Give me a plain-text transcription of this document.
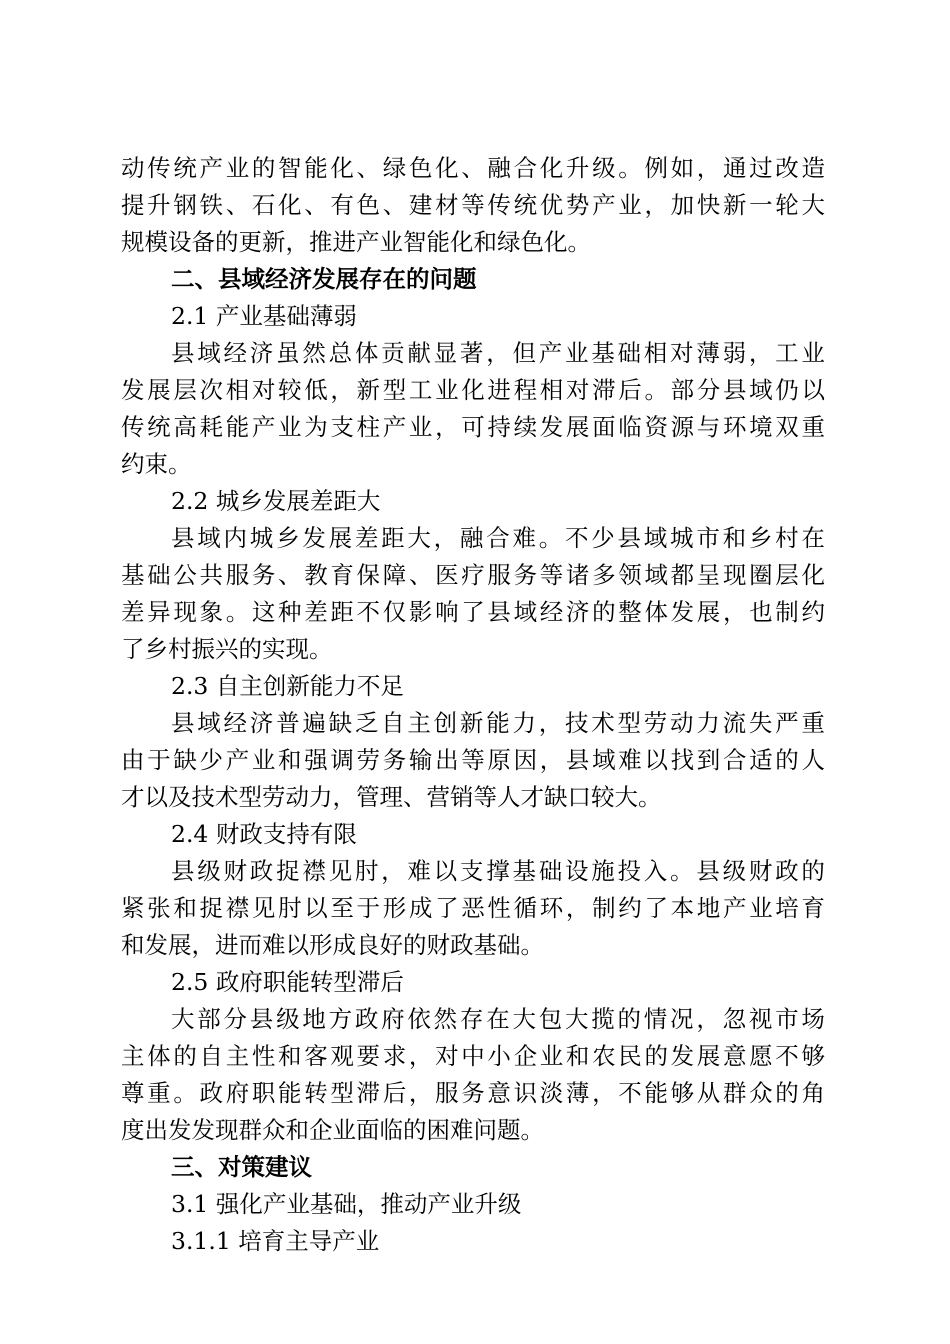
动 传 统 产 业 的 智 能 化 、 绿 色 化 、 融 合 化 升 级 。 例 如 ， 通 过 改 造
提 升 钢 铁 、 石 化 、 有 色 、 建 材 等 传 统 优 势 产 业 ， 加 快 新 一 轮 大
规模设备的更新，推进产业智能化和绿色化。
二、县域经济发展存在的问题
2.1 产业基础薄弱
县 域 经 济 虽 然 总 体 贡 献 显 著 ， 但 产 业 基 础 相 对 薄 弱 ， 工 业
发 展 层 次 相 对 较 低 ， 新 型 工 业 化 进 程 相 对 滞 后 。 部 分 县 域 仍 以
传 统 高 耗 能 产 业 为 支 柱 产 业 ， 可 持 续 发 展 面 临 资 源 与 环 境 双 重
约束。
2.2 城乡发展差距大
县 域 内 城 乡 发 展 差 距 大 ， 融 合 难 。 不 少 县 域 城 市 和 乡 村 在
基 础 公 共 服 务 、 教 育 保 障 、 医 疗 服 务 等 诸 多 领 域 都 呈 现 圈 层 化
差 异 现 象 。 这 种 差 距 不 仅 影 响 了 县 域 经 济 的 整 体 发 展 ， 也 制 约
了乡村振兴的实现。
2.3 自主创新能力不足
县 域 经 济 普 遍 缺 乏 自 主 创 新 能 力 ， 技 术 型 劳 动 力 流 失 严 重
由 于 缺 少 产 业 和 强 调 劳 务 输 出 等 原 因 ， 县 域 难 以 找 到 合 适 的 人
才以及技术型劳动力，管理、营销等人才缺口较大。
2.4 财政支持有限
县 级 财 政 捉 襟 见 肘 ， 难 以 支 撑 基 础 设 施 投 入 。 县 级 财 政 的
紧 张 和 捉 襟 见 肘 以 至 于 形 成 了 恶 性 循 环 ， 制 约 了 本 地 产 业 培 育
和发展，进而难以形成良好的财政基础。
2.5 政府职能转型滞后
大 部 分 县 级 地 方 政 府 依 然 存 在 大 包 大 揽 的 情 况 ， 忽 视 市 场
主 体 的 自 主 性 和 客 观 要 求 ， 对 中 小 企 业 和 农 民 的 发 展 意 愿 不 够
尊 重 。 政 府 职 能 转 型 滞 后 ， 服 务 意 识 淡 薄 ， 不 能 够 从 群 众 的 角
度出发发现群众和企业面临的困难问题。
三、对策建议
3.1 强化产业基础，推动产业升级
3.1.1 培育主导产业
